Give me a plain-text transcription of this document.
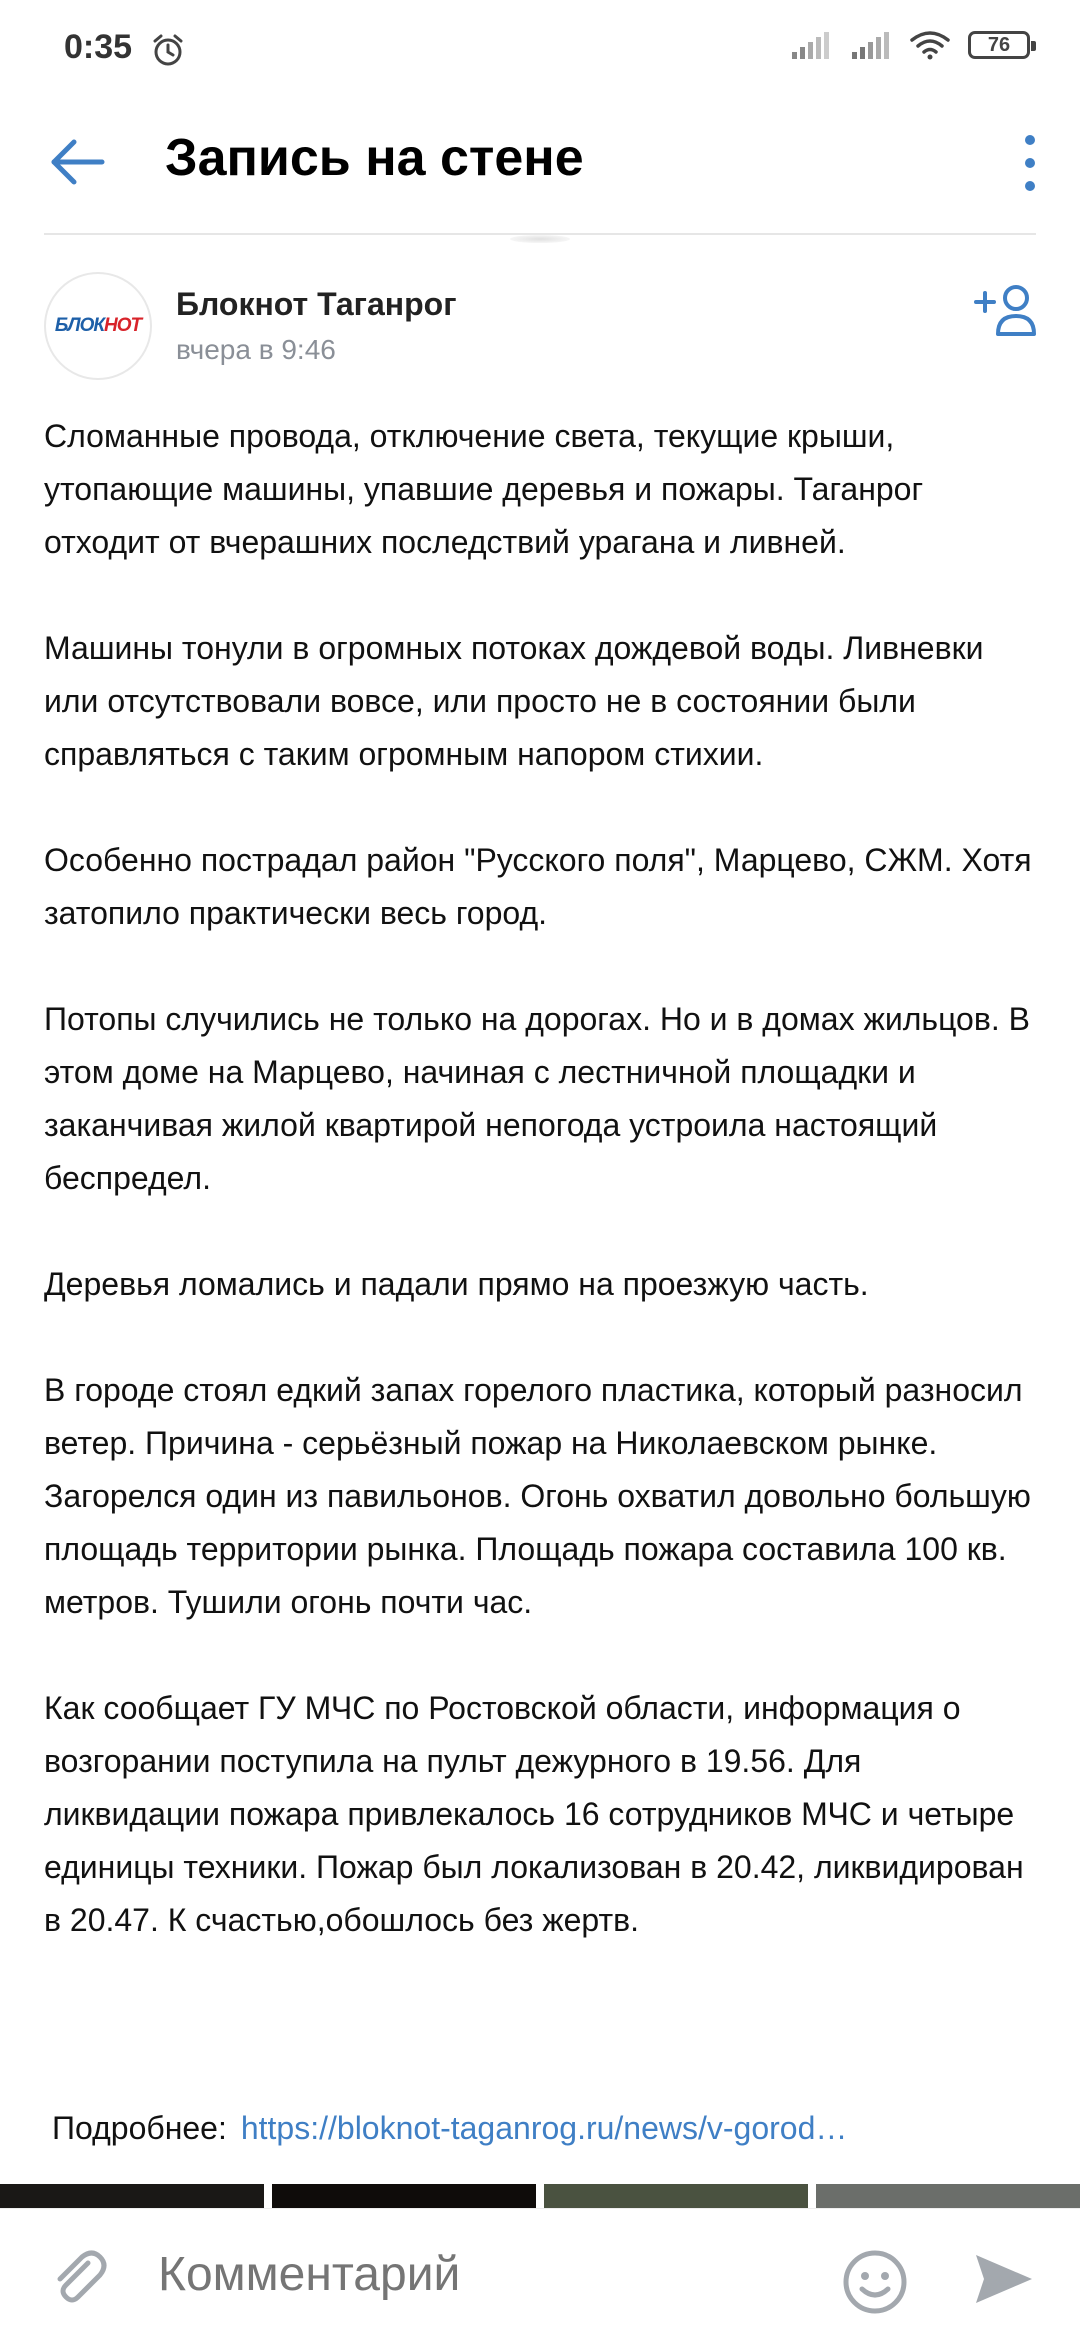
0:35	76
Запись на стене
БЛОКНОТ
Блокнот Таганрог
вчера в 9:46

Сломанные провода, отключение света, текущие крыши, утопающие машины, упавшие деревья и пожары. Таганрог отходит от вчерашних последствий урагана и ливней.

Машины тонули в огромных потоках дождевой воды. Ливневки или отсутствовали вовсе, или просто не в состоянии были справляться с таким огромным напором стихии.

Особенно пострадал район "Русского поля", Марцево, СЖМ. Хотя затопило практически весь город.

Потопы случились не только на дорогах. Но и в домах жильцов. В этом доме на Марцево, начиная с лестничной площадки и заканчивая жилой квартирой непогода устроила настоящий беспредел.

Деревья ломались и падали прямо на проезжую часть.

В городе стоял едкий запах горелого пластика, который разносил ветер. Причина - серьёзный пожар на Николаевском рынке. Загорелся один из павильонов. Огонь охватил довольно большую площадь территории рынка. Площадь пожара составила 100 кв. метров. Тушили огонь почти час.

Как сообщает ГУ МЧС по Ростовской области, информация о возгорании поступила на пульт дежурного в 19.56. Для ликвидации пожара привлекалось 16 сотрудников МЧС и четыре единицы техники. Пожар был локализован в 20.42, ликвидирован в 20.47. К счастью,обошлось без жертв.

Подробнее: https://bloknot-taganrog.ru/news/v-gorod…
Комментарий
